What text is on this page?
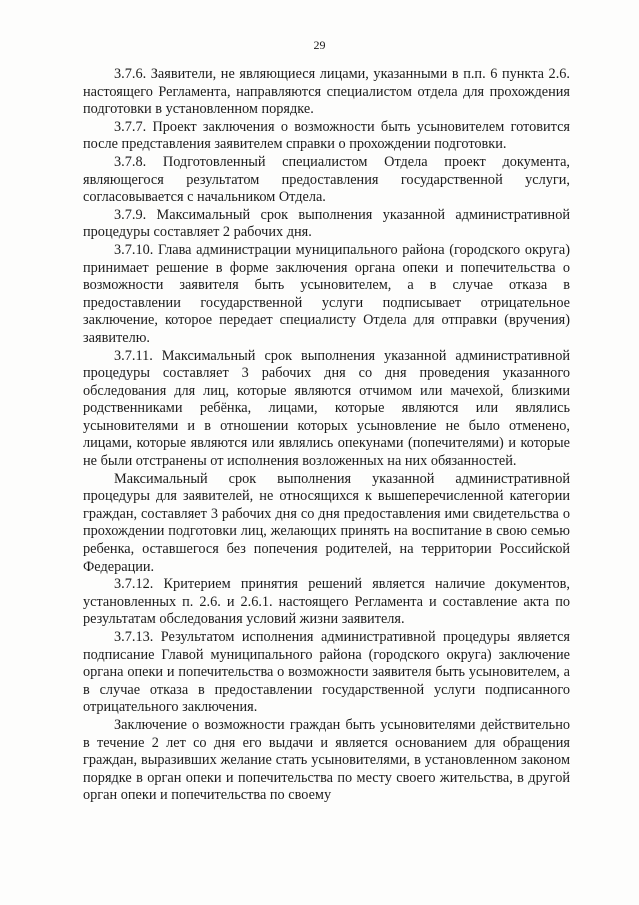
29

3.7.6. Заявители, не являющиеся лицами, указанными в п.п. 6 пункта 2.6. настоящего Регламента, направляются специалистом отдела для прохождения подготовки в установленном порядке.

3.7.7. Проект заключения о возможности быть усыновителем готовится после представления заявителем справки о прохождении подготовки.

3.7.8. Подготовленный специалистом Отдела проект документа, являющегося результатом предоставления государственной услуги, согласовывается с начальником Отдела.

3.7.9. Максимальный срок выполнения указанной административной процедуры составляет 2 рабочих дня.

3.7.10. Глава администрации муниципального района (городского округа) принимает решение в форме заключения органа опеки и попечительства о возможности заявителя быть усыновителем, а в случае отказа в предоставлении государственной услуги подписывает отрицательное заключение, которое передает специалисту Отдела для отправки (вручения) заявителю.

3.7.11. Максимальный срок выполнения указанной административной процедуры составляет 3 рабочих дня со дня проведения указанного обследования для лиц, которые являются отчимом или мачехой, близкими родственниками ребёнка, лицами, которые являются или являлись усыновителями и в отношении которых усыновление не было отменено, лицами, которые являются или являлись опекунами (попечителями) и которые не были отстранены от исполнения возложенных на них обязанностей.

Максимальный срок выполнения указанной административной процедуры для заявителей, не относящихся к вышеперечисленной категории граждан, составляет 3 рабочих дня со дня предоставления ими свидетельства о прохождении подготовки лиц, желающих принять на воспитание в свою семью ребенка, оставшегося без попечения родителей, на территории Российской Федерации.

3.7.12. Критерием принятия решений является наличие документов, установленных п. 2.6. и 2.6.1. настоящего Регламента и составление акта по результатам обследования условий жизни заявителя.

3.7.13. Результатом исполнения административной процедуры является подписание Главой муниципального района (городского округа) заключение органа опеки и попечительства о возможности заявителя быть усыновителем, а в случае отказа в предоставлении государственной услуги подписанного отрицательного заключения.

Заключение о возможности граждан быть усыновителями действительно в течение 2 лет со дня его выдачи и является основанием для обращения граждан, выразивших желание стать усыновителями, в установленном законом порядке в орган опеки и попечительства по месту своего жительства, в другой орган опеки и попечительства по своему
